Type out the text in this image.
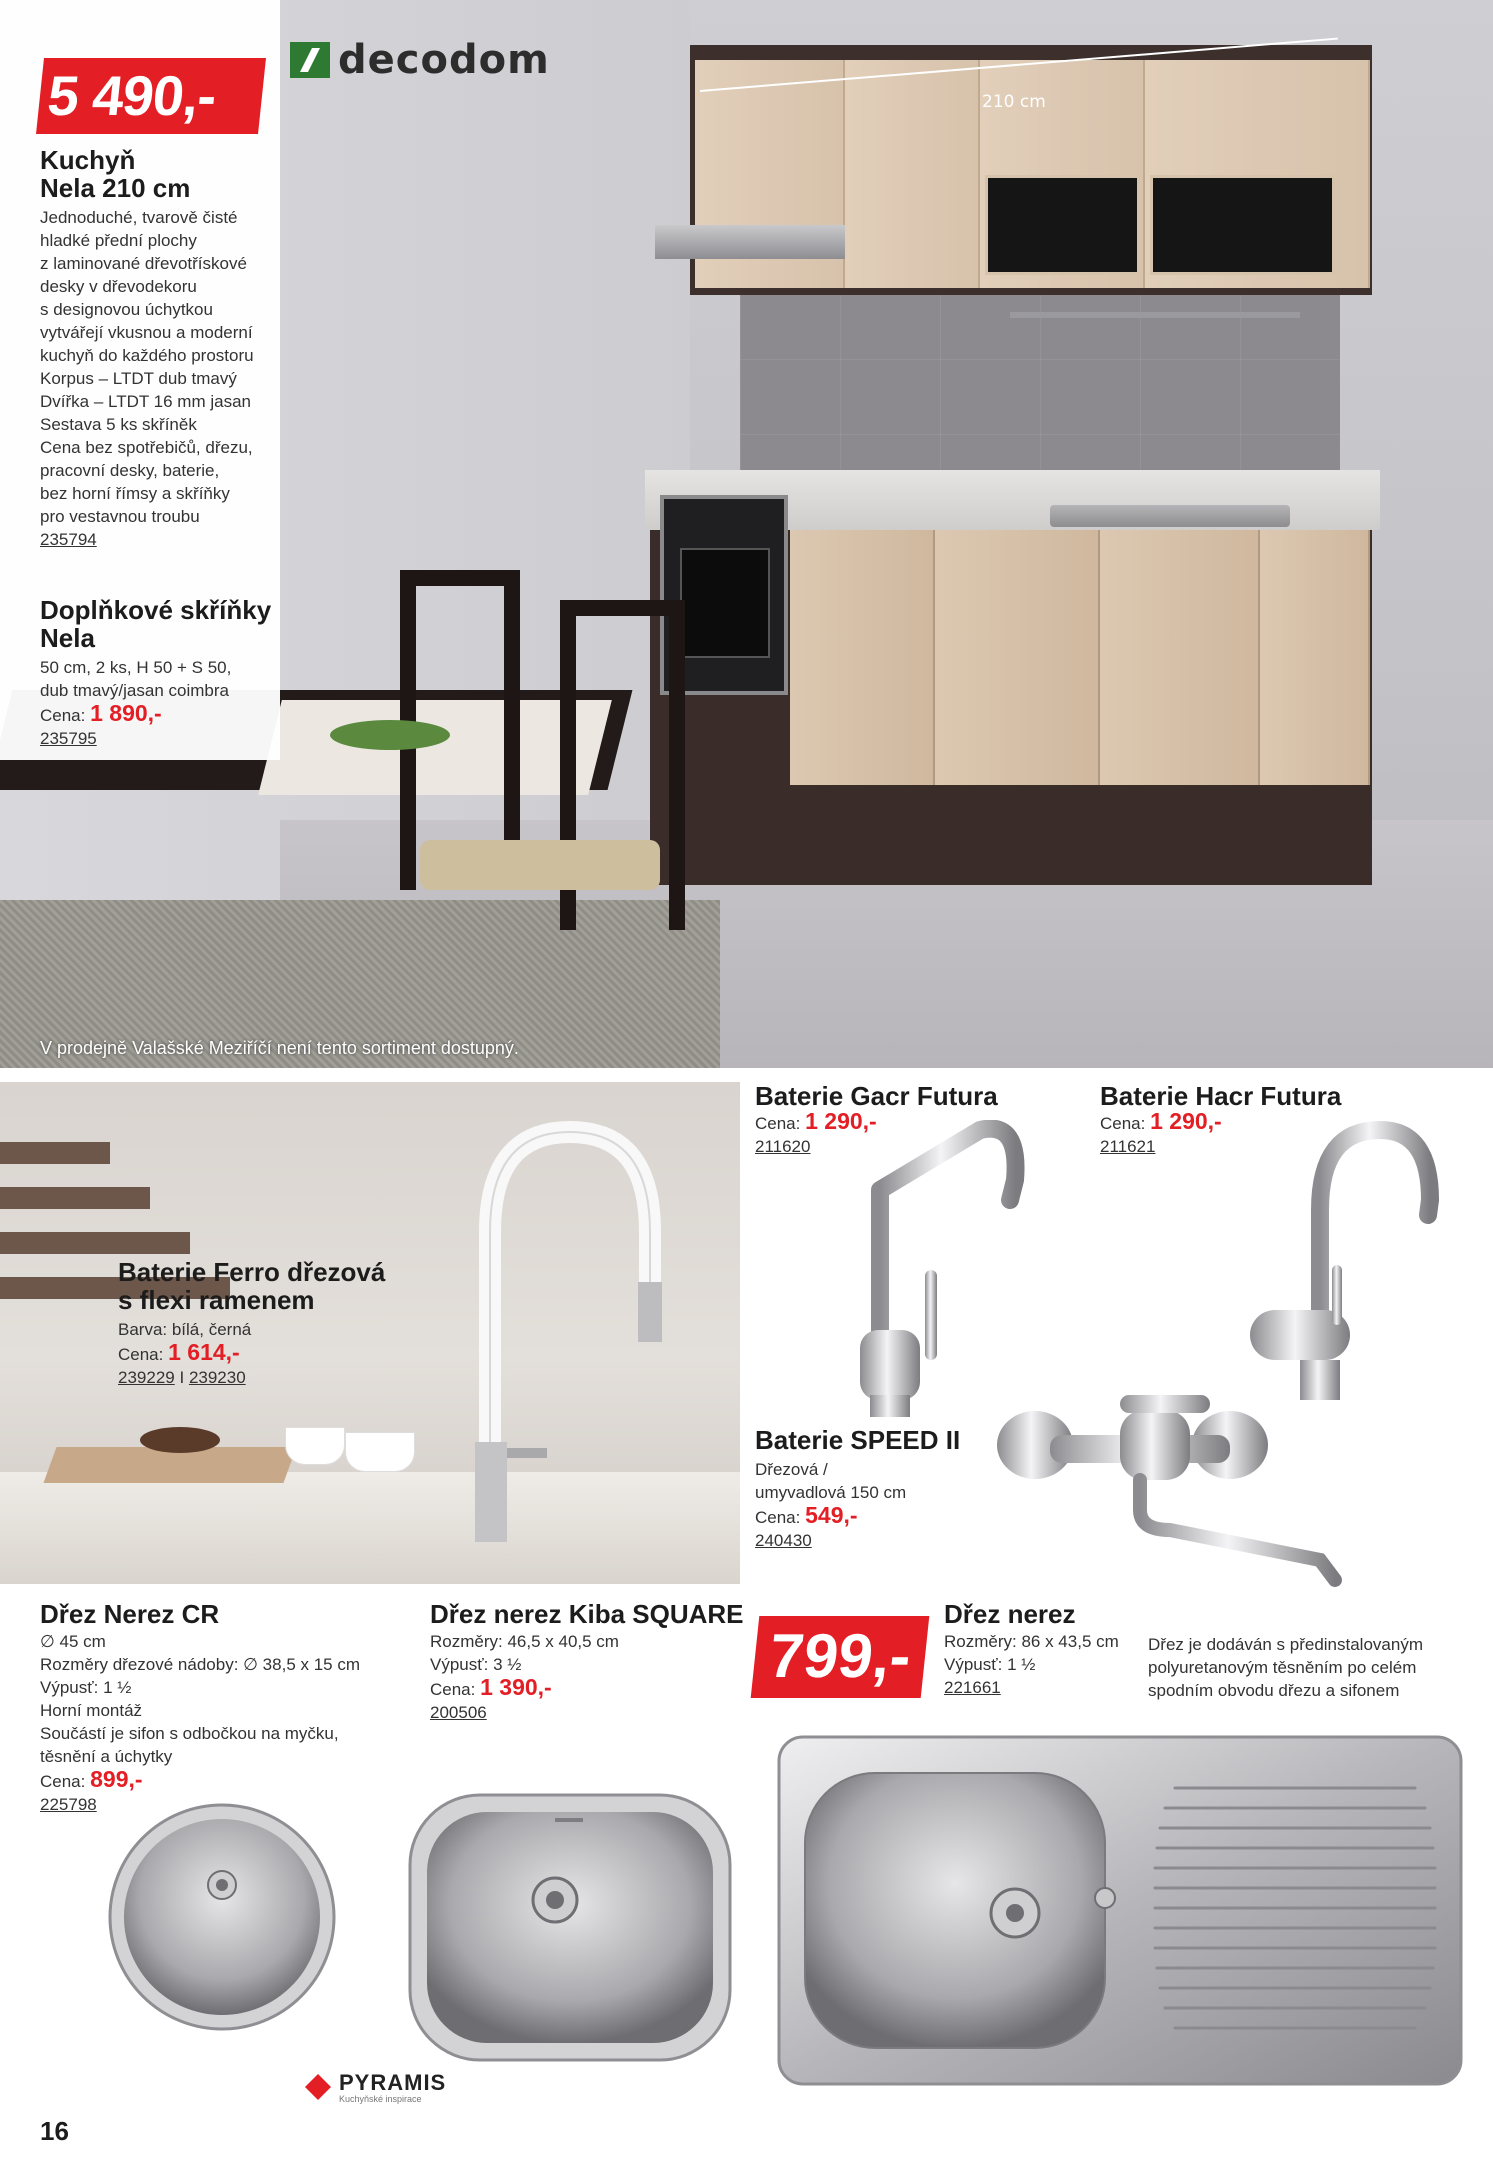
210 cm
V prodejně Valašské Meziříčí není tento sortiment dostupný.
5 490,-
decodom
Kuchyň
Nela 210 cm
Jednoduché, tvarově čisté
hladké přední plochy
z laminované dřevotřískové
desky v dřevodekoru
s designovou úchytkou
vytvářejí vkusnou a moderní
kuchyň do každého prostoru
Korpus – LTDT dub tmavý
Dvířka – LTDT 16 mm jasan
Sestava 5 ks skříněk
Cena bez spotřebičů, dřezu,
pracovní desky, baterie,
bez horní římsy a skříňky
pro vestavnou troubu
235794
Doplňkové skříňky
Nela
50 cm, 2 ks, H 50 + S 50,
dub tmavý/jasan coimbra
Cena: 1 890,-
235795
Baterie Ferro dřezová
s flexi ramenem
Barva: bílá, černá
Cena: 1 614,-
239229 I 239230
Baterie Gacr Futura
Cena: 1 290,-
211620
Baterie Hacr Futura
Cena: 1 290,-
211621
Baterie SPEED II
Dřezová /
umyvadlová 150 cm
Cena: 549,-
240430
Dřez Nerez CR
∅ 45 cm
Rozměry dřezové nádoby: ∅ 38,5 x 15 cm
Výpusť: 1 ½
Horní montáž
Součástí je sifon s odbočkou na myčku,
těsnění a úchytky
Cena: 899,-
225798
Dřez nerez Kiba SQUARE
Rozměry: 46,5 x 40,5 cm
Výpusť: 3 ½
Cena: 1 390,-
200506
799,-
Dřez nerez
Rozměry: 86 x 43,5 cm
Výpusť: 1 ½
221661
Dřez je dodáván s předinstalovaným
polyuretanovým těsněním po celém
spodním obvodu dřezu a sifonem
16
PYRAMIS
Kuchyňské inspirace
